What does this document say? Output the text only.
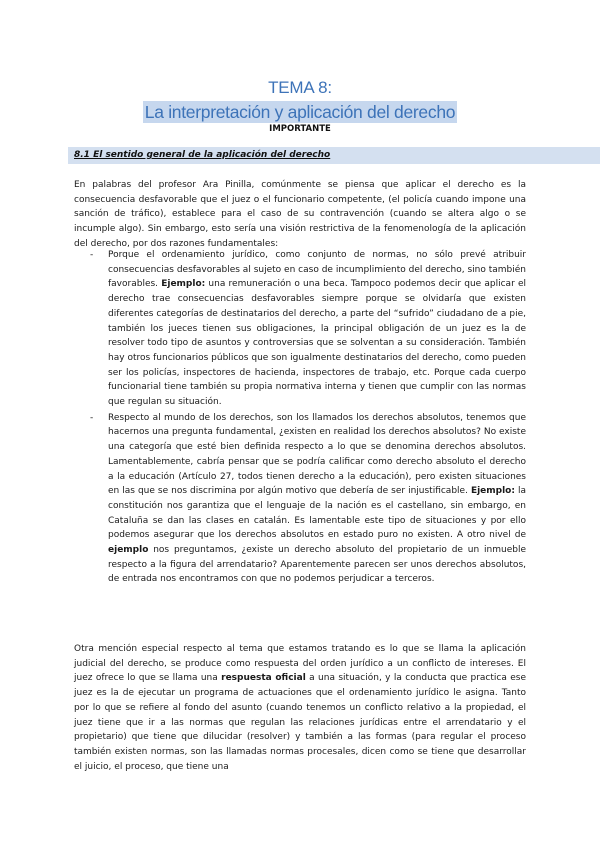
TEMA 8:
La interpretación y aplicación del derecho
IMPORTANTE
8.1 El sentido general de la aplicación del derecho

En palabras del profesor Ara Pinilla, comúnmente se piensa que aplicar el derecho es la consecuencia desfavorable que el juez o el funcionario competente, (el policía cuando impone una sanción de tráfico), establece para el caso de su contravención (cuando se altera algo o se incumple algo). Sin embargo, esto sería una visión restrictiva de la fenomenología de la aplicación del derecho, por dos razones fundamentales:

- Porque el ordenamiento jurídico, como conjunto de normas, no sólo prevé atribuir consecuencias desfavorables al sujeto en caso de incumplimiento del derecho, sino también favorables. Ejemplo: una remuneración o una beca. Tampoco podemos decir que aplicar el derecho trae consecuencias desfavorables siempre porque se olvidaría que existen diferentes categorías de destinatarios del derecho, a parte del “sufrido” ciudadano de a pie, también los jueces tienen sus obligaciones, la principal obligación de un juez es la de resolver todo tipo de asuntos y controversias que se solventan a su consideración. También hay otros funcionarios públicos que son igualmente destinatarios del derecho, como pueden ser los policías, inspectores de hacienda, inspectores de trabajo, etc. Porque cada cuerpo funcionarial tiene también su propia normativa interna y tienen que cumplir con las normas que regulan su situación.
- Respecto al mundo de los derechos, son los llamados los derechos absolutos, tenemos que hacernos una pregunta fundamental, ¿existen en realidad los derechos absolutos? No existe una categoría que esté bien definida respecto a lo que se denomina derechos absolutos. Lamentablemente, cabría pensar que se podría calificar como derecho absoluto el derecho a la educación (Artículo 27, todos tienen derecho a la educación), pero existen situaciones en las que se nos discrimina por algún motivo que debería de ser injustificable. Ejemplo: la constitución nos garantiza que el lenguaje de la nación es el castellano, sin embargo, en Cataluña se dan las clases en catalán. Es lamentable este tipo de situaciones y por ello podemos asegurar que los derechos absolutos en estado puro no existen. A otro nivel de ejemplo nos preguntamos, ¿existe un derecho absoluto del propietario de un inmueble respecto a la figura del arrendatario? Aparentemente parecen ser unos derechos absolutos, de entrada nos encontramos con que no podemos perjudicar a terceros.

Otra mención especial respecto al tema que estamos tratando es lo que se llama la aplicación judicial del derecho, se produce como respuesta del orden jurídico a un conflicto de intereses. El juez ofrece lo que se llama una respuesta oficial a una situación, y la conducta que practica ese juez es la de ejecutar un programa de actuaciones que el ordenamiento jurídico le asigna. Tanto por lo que se refiere al fondo del asunto (cuando tenemos un conflicto relativo a la propiedad, el juez tiene que ir a las normas que regulan las relaciones jurídicas entre el arrendatario y el propietario) que tiene que dilucidar (resolver) y también a las formas (para regular el proceso también existen normas, son las llamadas normas procesales, dicen como se tiene que desarrollar el juicio, el proceso, que tiene una
